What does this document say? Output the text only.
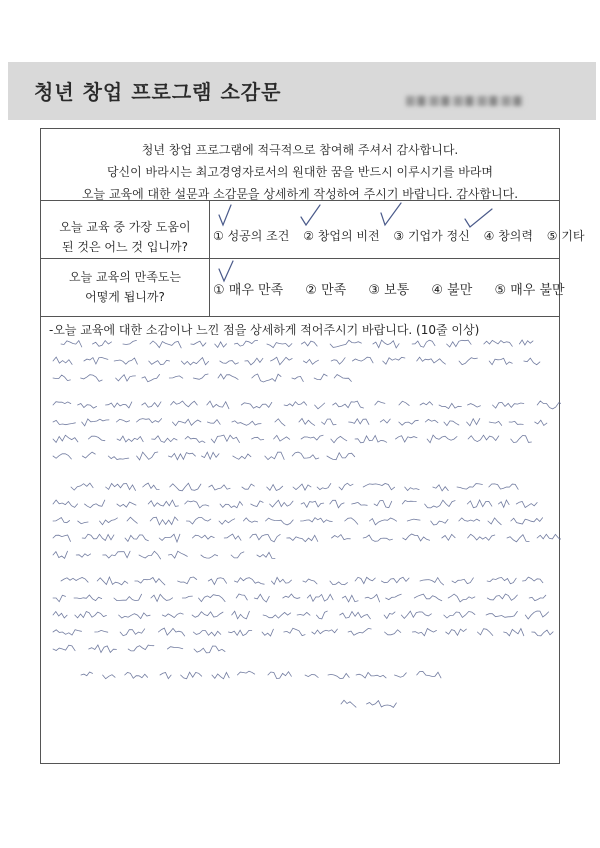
청년 창업 프로그램 소감문
청년 창업 프로그램에 적극적으로 참여해 주셔서 감사합니다.
당신이 바라시는 최고경영자로서의 원대한 꿈을 반드시 이루시기를 바라며
오늘 교육에 대한 설문과 소감문을 상세하게 작성하여 주시기 바랍니다. 감사합니다.
오늘 교육 중 가장 도움이
된 것은 어느 것 입니까?
① 성공의 조건 ② 창업의 비전 ③ 기업가 정신 ④ 창의력 ⑤ 기타
오늘 교육의 만족도는
어떻게 됩니까?	① 매우 만족 ② 만족 ③ 보통 ④ 불만 ⑤ 매우 불만
-오늘 교육에 대한 소감이나 느낀 점을 상세하게 적어주시기 바랍니다. (10줄 이상)
